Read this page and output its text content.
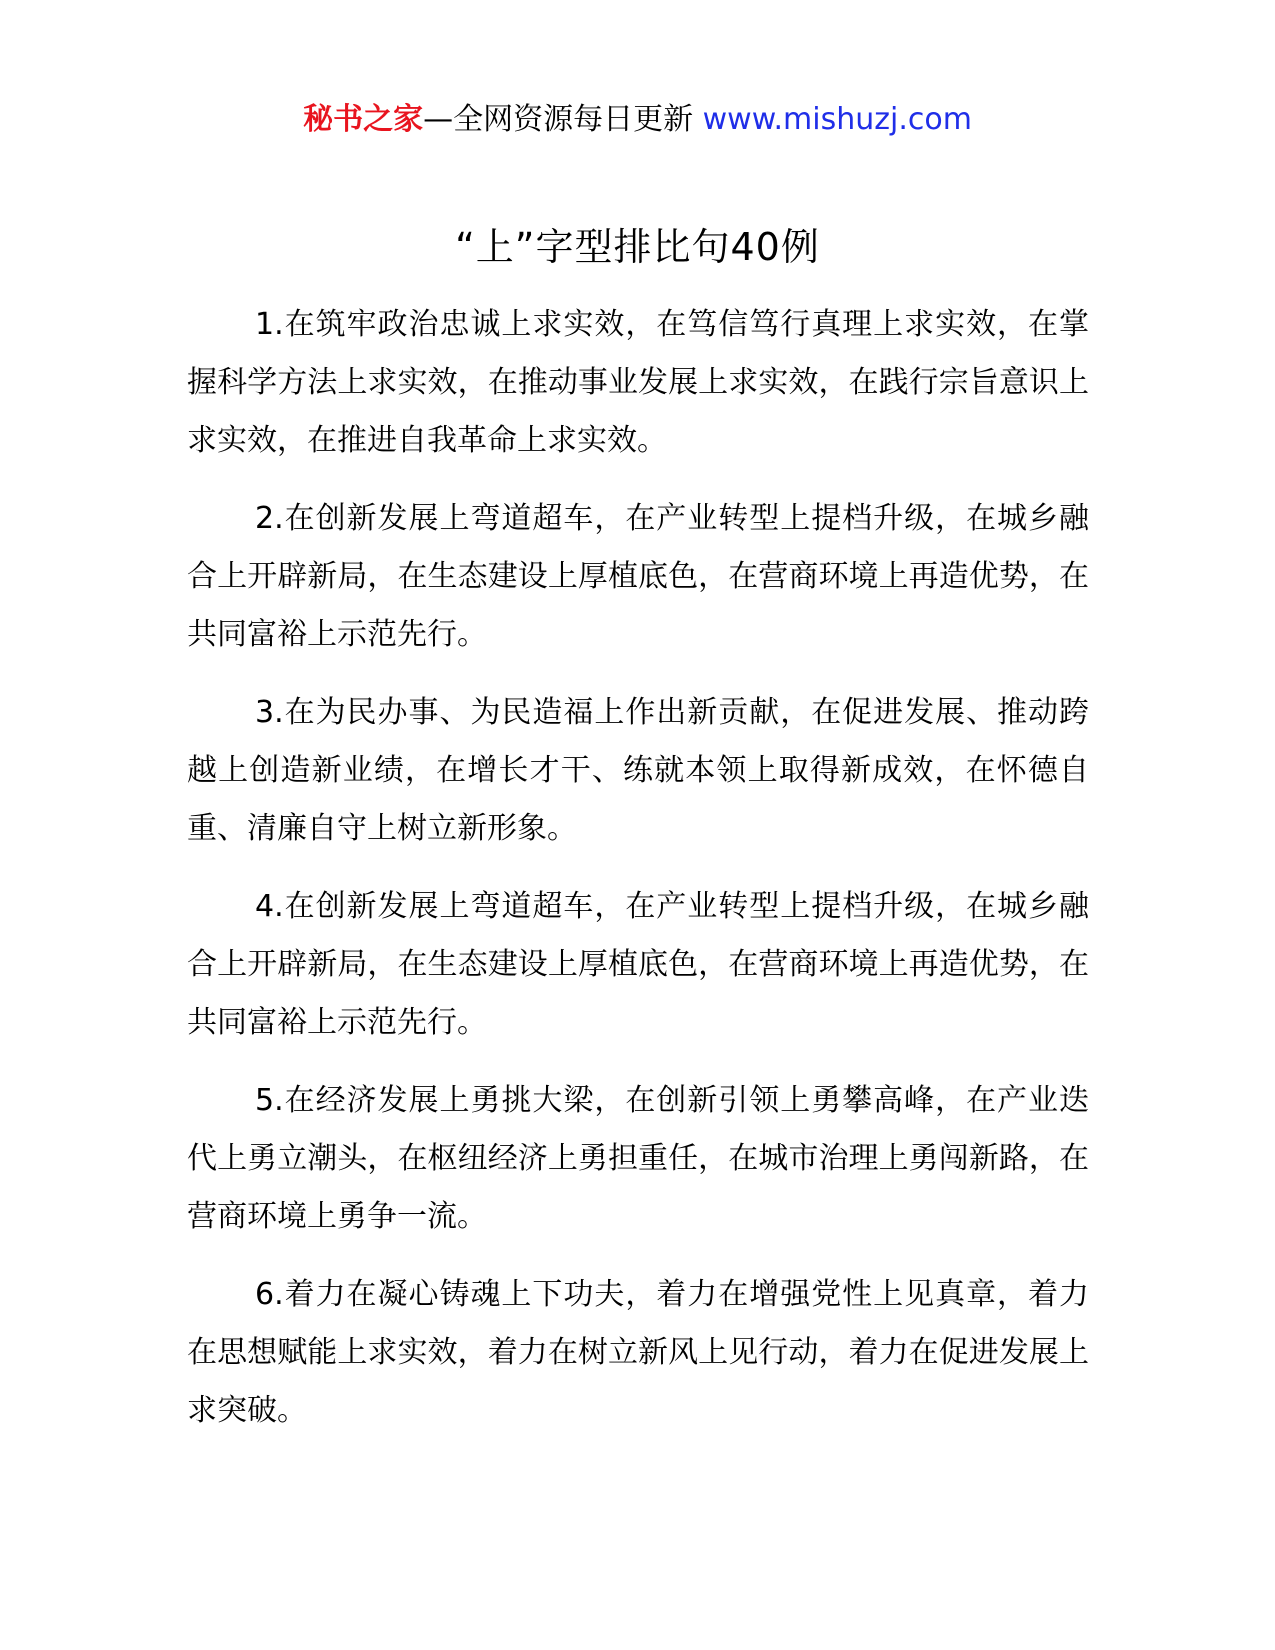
秘书之家—全网资源每日更新 www.mishuzj.com
“上”字型排比句40例

1.在筑牢政治忠诚上求实效，在笃信笃行真理上求实效，在掌握科学方法上求实效，在推动事业发展上求实效，在践行宗旨意识上求实效，在推进自我革命上求实效。

2.在创新发展上弯道超车，在产业转型上提档升级，在城乡融合上开辟新局，在生态建设上厚植底色，在营商环境上再造优势，在共同富裕上示范先行。

3.在为民办事、为民造福上作出新贡献，在促进发展、推动跨越上创造新业绩，在增长才干、练就本领上取得新成效，在怀德自重、清廉自守上树立新形象。

4.在创新发展上弯道超车，在产业转型上提档升级，在城乡融合上开辟新局，在生态建设上厚植底色，在营商环境上再造优势，在共同富裕上示范先行。

5.在经济发展上勇挑大梁，在创新引领上勇攀高峰，在产业迭代上勇立潮头，在枢纽经济上勇担重任，在城市治理上勇闯新路，在营商环境上勇争一流。

6.着力在凝心铸魂上下功夫，着力在增强党性上见真章，着力在思想赋能上求实效，着力在树立新风上见行动，着力在促进发展上求突破。
